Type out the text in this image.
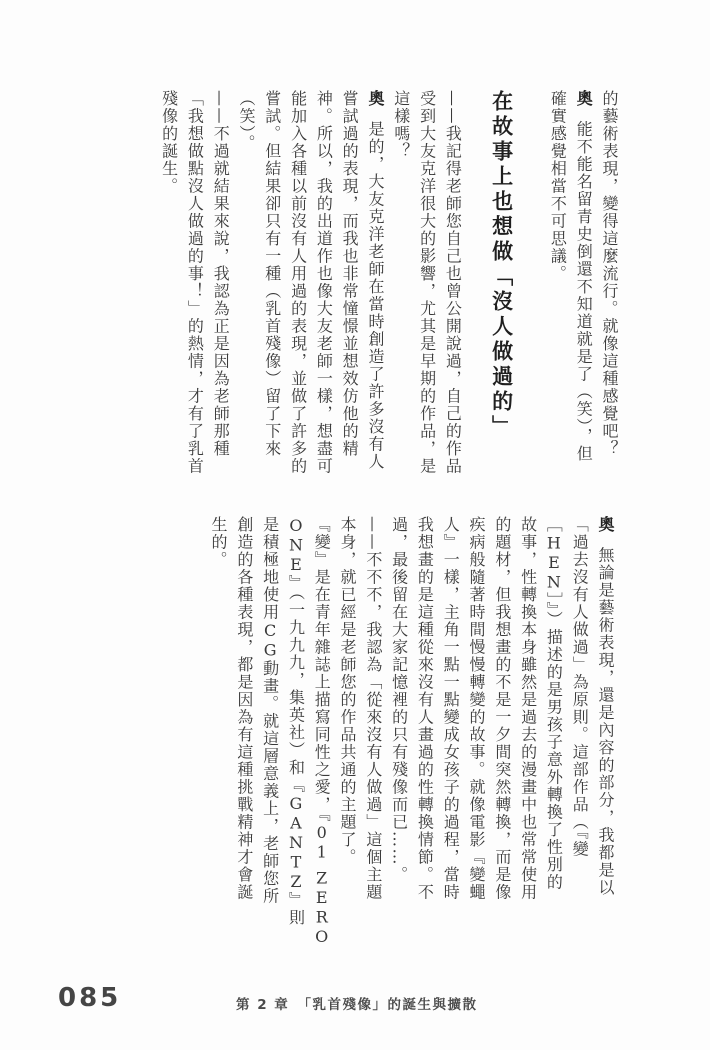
的藝術表現，變得這麼流行。就像這種感覺吧？
奧能不能名留青史倒還不知道就是了（笑），但
確實感覺相當不可思議。
在故事上也想做「沒人做過的」
——我記得老師您自己也曾公開說過，自己的作品
受到大友克洋很大的影響，尤其是早期的作品，是
這樣嗎？
奧是的，大友克洋老師在當時創造了許多沒有人
嘗試過的表現，而我也非常憧憬並想效仿他的精
神。所以，我的出道作也像大友老師一樣，想盡可
能加入各種以前沒有人用過的表現，並做了許多的
嘗試。但結果卻只有一種（乳首殘像）留了下來
（笑）。
——不過就結果來說，我認為正是因為老師那種
「我想做點沒人做過的事！」的熱情，才有了乳首
殘像的誕生。
奧無論是藝術表現，還是內容的部分，我都是以
「過去沒有人做過」為原則。這部作品（『變
［HEN］』）描述的是男孩子意外轉換了性別的
故事，性轉換本身雖然是過去的漫畫中也常常使用
的題材，但我想畫的不是一夕間突然轉換，而是像
疾病般隨著時間慢慢轉變的故事。就像電影『變蠅
人』一樣，主角一點一點變成女孩子的過程，當時
我想畫的是這種從來沒有人畫過的性轉換情節。不
過，最後留在大家記憶裡的只有殘像而已……。
——不不不，我認為「從來沒有人做過」這個主題
本身，就已經是老師您的作品共通的主題了。
『變』是在青年雜誌上描寫同性之愛，『01 ZERO
ONE』（一九九九，集英社）和『GANTZ』則
是積極地使用CG動畫。就這層意義上，老師您所
創造的各種表現，都是因為有這種挑戰精神才會誕
生的。
085	第 2 章　「乳首殘像」的誕生與擴散
